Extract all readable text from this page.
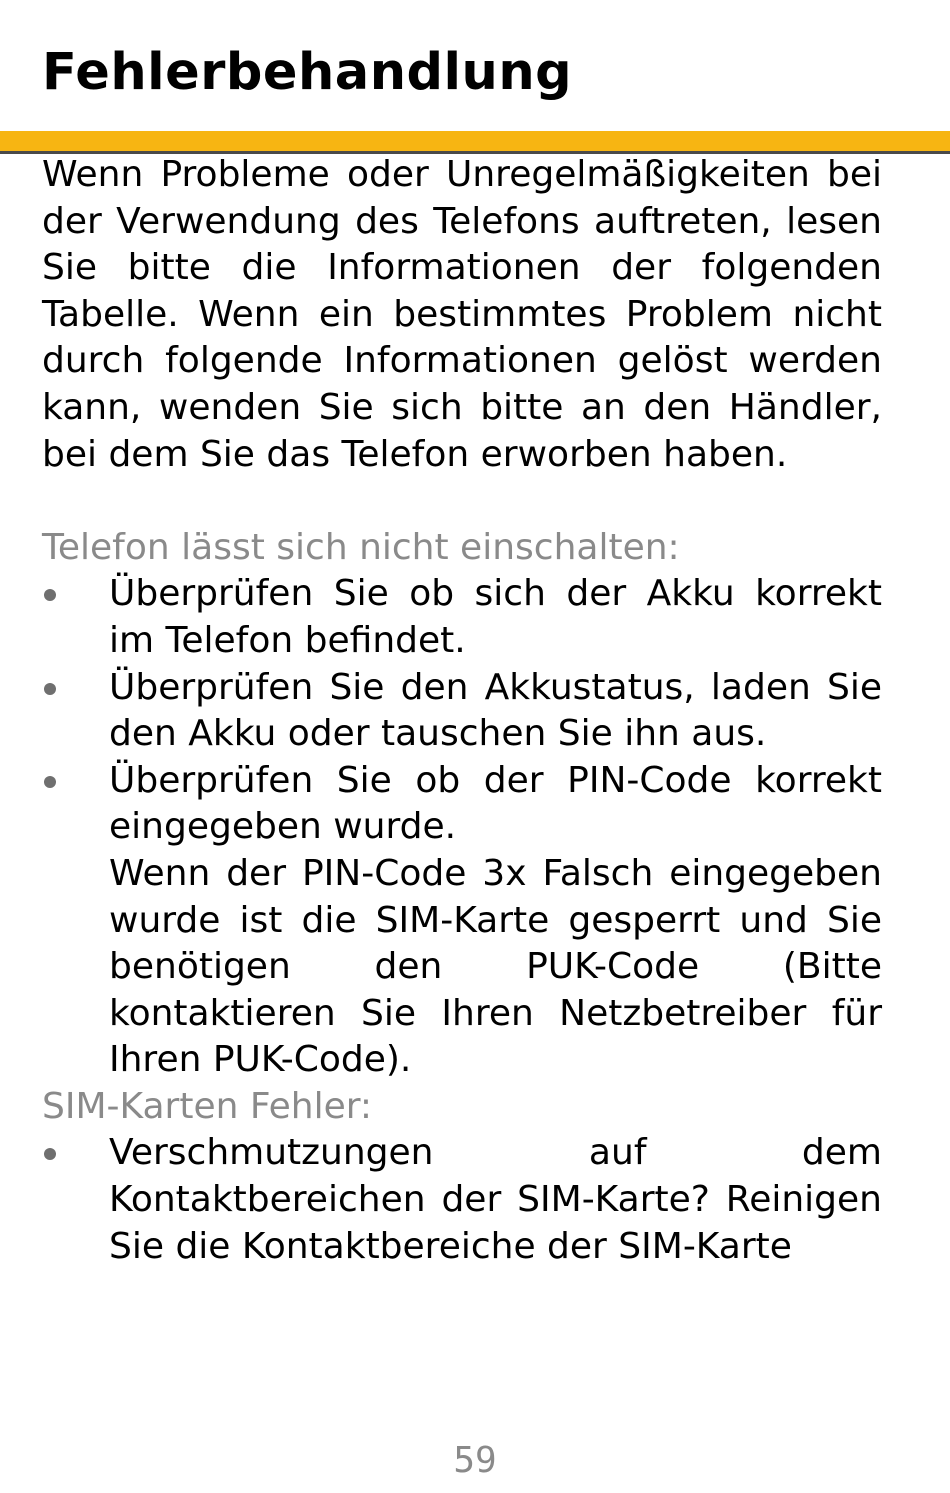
Fehlerbehandlung

Wenn Probleme oder Unregelmäßigkeiten bei der Verwendung des Telefons auftreten, lesen Sie bitte die Informationen der folgenden Tabelle. Wenn ein bestimmtes Problem nicht durch folgende Informationen gelöst werden kann, wenden Sie sich bitte an den Händler, bei dem Sie das Telefon erworben haben.

Telefon lässt sich nicht einschalten:

Überprüfen Sie ob sich der Akku korrekt im Telefon befindet.

Überprüfen Sie den Akkustatus, laden Sie den Akku oder tauschen Sie ihn aus.

Überprüfen Sie ob der PIN-Code korrekt eingegeben wurde.

Wenn der PIN-Code 3x Falsch eingegeben wurde ist die SIM-Karte gesperrt und Sie benötigen den PUK-Code (Bitte kontaktieren Sie Ihren Netzbetreiber für Ihren PUK-Code).

SIM-Karten Fehler:

Verschmutzungen auf dem Kontaktbereichen der SIM-Karte? Reinigen Sie die Kontaktbereiche der SIM-Karte

59
